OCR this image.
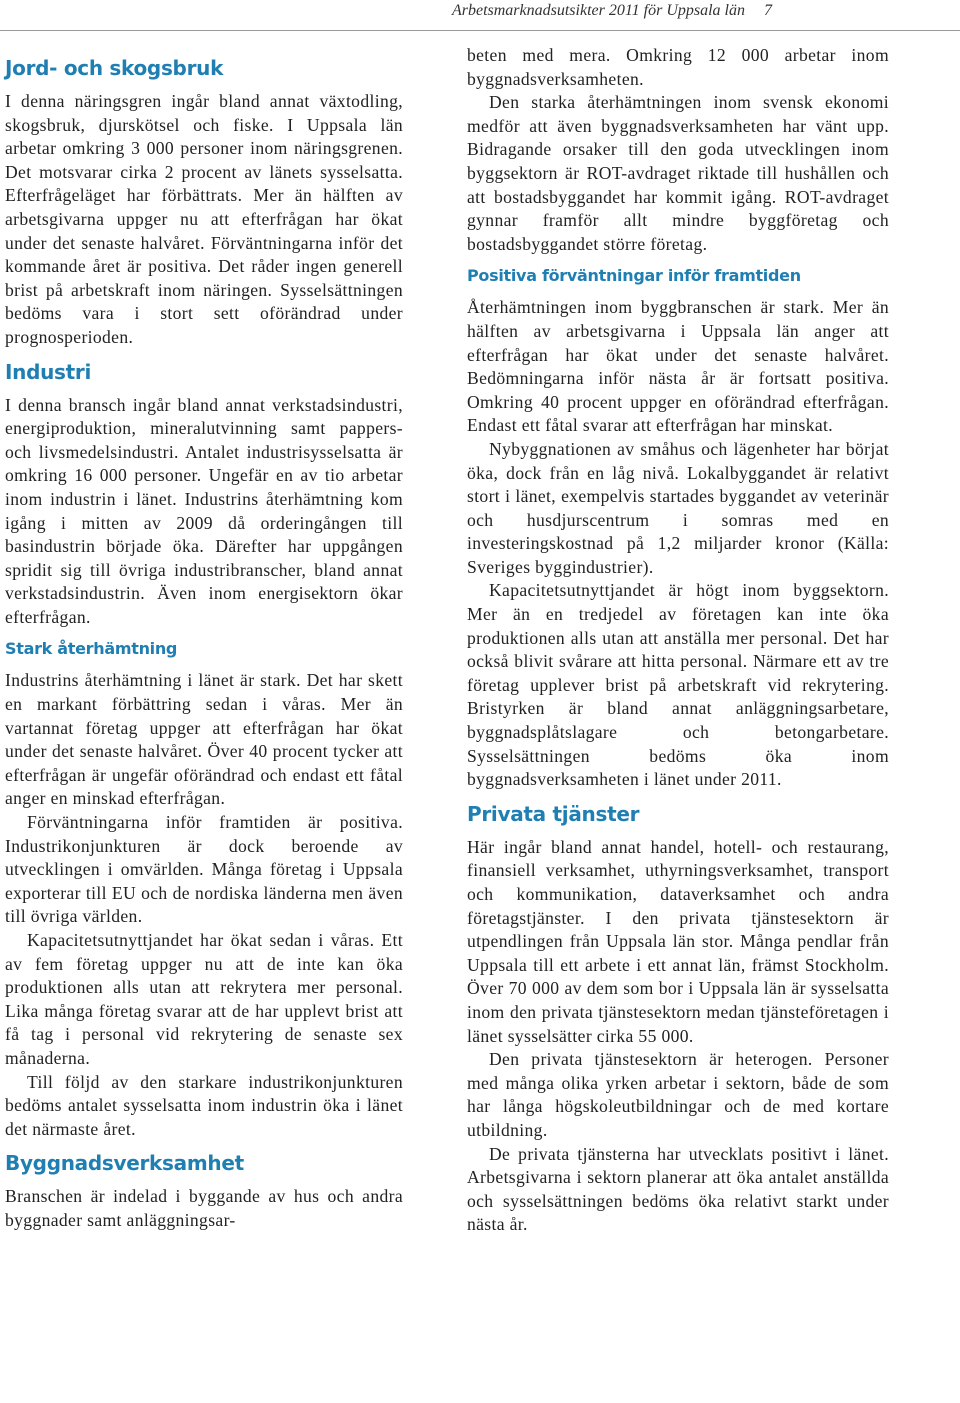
Arbetsmarknadsutsikter 2011 för Uppsala län 7
Jord- och skogsbruk

I denna näringsgren ingår bland annat växtodling, skogsbruk, djurskötsel och fiske. I Uppsala län arbetar omkring 3 000 personer inom näringsgrenen. Det motsvarar cirka 2 procent av länets sysselsatta. Efterfrågeläget har förbättrats. Mer än hälften av arbetsgivarna uppger nu att efterfrågan har ökat under det senaste halvåret. Förväntningarna inför det kommande året är positiva. Det råder ingen generell brist på arbetskraft inom näringen. Sysselsättningen bedöms vara i stort sett oförändrad under prognosperioden.

Industri

I denna bransch ingår bland annat verkstadsindustri, energiproduktion, mineralutvinning samt pappers- och livsmedelsindustri. Antalet industrisysselsatta är omkring 16 000 personer. Ungefär en av tio arbetar inom industrin i länet. Industrins återhämtning kom igång i mitten av 2009 då orderingången till basindustrin började öka. Därefter har uppgången spridit sig till övriga industribranscher, bland annat verkstadsindustrin. Även inom energisektorn ökar efterfrågan.

Stark återhämtning

Industrins återhämtning i länet är stark. Det har skett en markant förbättring sedan i våras. Mer än vartannat företag uppger att efterfrågan har ökat under det senaste halvåret. Över 40 procent tycker att efterfrågan är ungefär oförändrad och endast ett fåtal anger en minskad efterfrågan.

Förväntningarna inför framtiden är positiva. Industrikonjunkturen är dock beroende av utvecklingen i omvärlden. Många företag i Uppsala exporterar till EU och de nordiska länderna men även till övriga världen.

Kapacitetsutnyttjandet har ökat sedan i våras. Ett av fem företag uppger nu att de inte kan öka produktionen alls utan att rekrytera mer personal. Lika många företag svarar att de har upplevt brist att få tag i personal vid rekrytering de senaste sex månaderna.

Till följd av den starkare industrikonjunkturen bedöms antalet sysselsatta inom industrin öka i länet det närmaste året.

Byggnadsverksamhet

Branschen är indelad i byggande av hus och andra byggnader samt anläggningsar-

beten med mera. Omkring 12 000 arbetar inom byggnadsverksamheten.

Den starka återhämtningen inom svensk ekonomi medför att även byggnadsverksamheten har vänt upp. Bidragande orsaker till den goda utvecklingen inom byggsektorn är ROT-avdraget riktade till hushållen och att bostadsbyggandet har kommit igång. ROT-avdraget gynnar framför allt mindre byggföretag och bostadsbyggandet större företag.

Positiva förväntningar inför framtiden

Återhämtningen inom byggbranschen är stark. Mer än hälften av arbetsgivarna i Uppsala län anger att efterfrågan har ökat under det senaste halvåret. Bedömningarna inför nästa år är fortsatt positiva. Omkring 40 procent uppger en oförändrad efterfrågan. Endast ett fåtal svarar att efterfrågan har minskat.

Nybyggnationen av småhus och lägenheter har börjat öka, dock från en låg nivå. Lokalbyggandet är relativt stort i länet, exempelvis startades byggandet av veterinär och husdjurscentrum i somras med en investeringskostnad på 1,2 miljarder kronor (Källa: Sveriges byggindustrier).

Kapacitetsutnyttjandet är högt inom byggsektorn. Mer än en tredjedel av företagen kan inte öka produktionen alls utan att anställa mer personal. Det har också blivit svårare att hitta personal. Närmare ett av tre företag upplever brist på arbetskraft vid rekrytering. Bristyrken är bland annat anläggningsarbetare, byggnadsplåtslagare och betongarbetare. Sysselsättningen bedöms öka inom byggnadsverksamheten i länet under 2011.

Privata tjänster

Här ingår bland annat handel, hotell- och restaurang, finansiell verksamhet, uthyrningsverksamhet, transport och kommunikation, dataverksamhet och andra företagstjänster. I den privata tjänstesektorn är utpendlingen från Uppsala län stor. Många pendlar från Uppsala till ett arbete i ett annat län, främst Stockholm. Över 70 000 av dem som bor i Uppsala län är sysselsatta inom den privata tjänstesektorn medan tjänsteföretagen i länet sysselsätter cirka 55 000.

Den privata tjänstesektorn är heterogen. Personer med många olika yrken arbetar i sektorn, både de som har långa högskoleutbildningar och de med kortare utbildning.

De privata tjänsterna har utvecklats positivt i länet. Arbetsgivarna i sektorn planerar att öka antalet anställda och sysselsättningen bedöms öka relativt starkt under nästa år.
